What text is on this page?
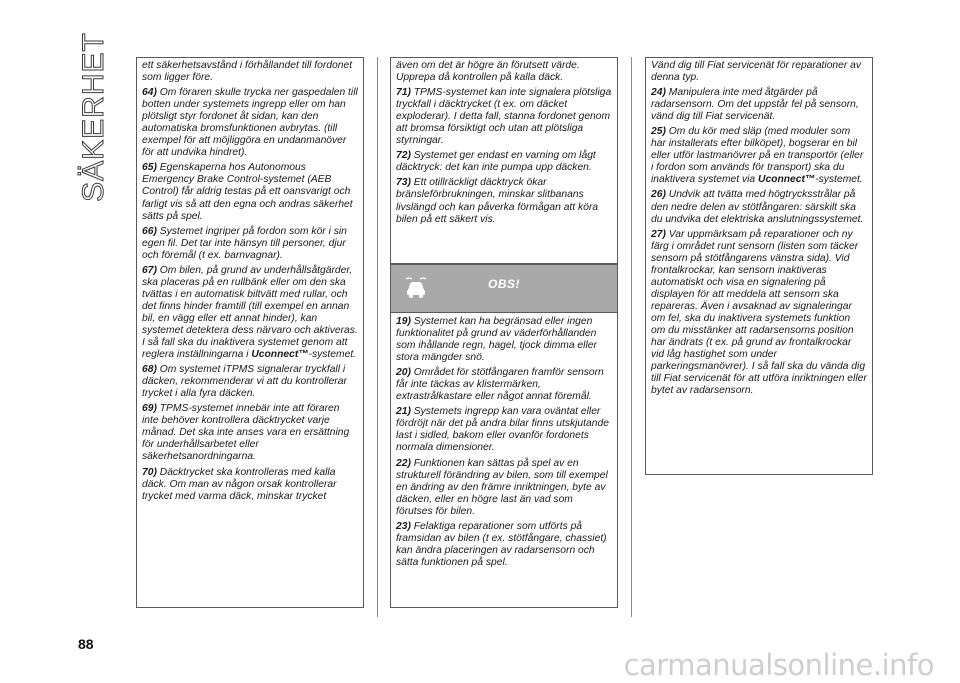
SÄKERHET	ett säkerhetsavstånd i förhållandet till fordonet som ligger före.

64) Om föraren skulle trycka ner gaspedalen till botten under systemets ingrepp eller om han plötsligt styr fordonet åt sidan, kan den automatiska bromsfunktionen avbrytas. (till exempel för att möjliggöra en undanmanöver för att undvika hindret).

65) Egenskaperna hos Autonomous Emergency Brake Control-systemet (AEB Control) får aldrig testas på ett oansvarigt och farligt vis så att den egna och andras säkerhet sätts på spel.

66) Systemet ingriper på fordon som kör i sin egen fil. Det tar inte hänsyn till personer, djur och föremål (t ex. barnvagnar).

67) Om bilen, på grund av underhållsåtgärder, ska placeras på en rullbänk eller om den ska tvättas i en automatisk biltvätt med rullar, och det finns hinder framtill (till exempel en annan bil, en vägg eller ett annat hinder), kan systemet detektera dess närvaro och aktiveras. I så fall ska du inaktivera systemet genom att reglera inställningarna i Uconnect™-systemet.

68) Om systemet iTPMS signalerar tryckfall i däcken, rekommenderar vi att du kontrollerar trycket i alla fyra däcken.

69) TPMS-systemet innebär inte att föraren inte behöver kontrollera däcktrycket varje månad. Det ska inte anses vara en ersättning för underhållsarbetet eller säkerhetsanordningarna.

70) Däcktrycket ska kontrolleras med kalla däck. Om man av någon orsak kontrollerar trycket med varma däck, minskar trycket

även om det är högre än förutsett värde. Upprepa då kontrollen på kalla däck.

71) TPMS-systemet kan inte signalera plötsliga tryckfall i däcktrycket (t ex. om däcket exploderar). I detta fall, stanna fordonet genom att bromsa försiktigt och utan att plötsliga styrningar.

72) Systemet ger endast en varning om lågt däcktryck: det kan inte pumpa upp däcken.

73) Ett otillräckligt däcktryck ökar bränsleförbrukningen, minskar slitbanans livslängd och kan påverka förmågan att köra bilen på ett säkert vis.

OBS!

19) Systemet kan ha begränsad eller ingen funktionalitet på grund av väderförhållanden som ihållande regn, hagel, tjock dimma eller stora mängder snö.

20) Området för stötfångaren framför sensorn får inte täckas av klistermärken, extrastrålkastare eller något annat föremål.

21) Systemets ingrepp kan vara oväntat eller fördröjt när det på andra bilar finns utskjutande last i sidled, bakom eller ovanför fordonets normala dimensioner.

22) Funktionen kan sättas på spel av en strukturell förändring av bilen, som till exempel en ändring av den främre inriktningen, byte av däcken, eller en högre last än vad som förutses för bilen.

23) Felaktiga reparationer som utförts på framsidan av bilen (t ex. stötfångare, chassiet) kan ändra placeringen av radarsensorn och sätta funktionen på spel.

Vänd dig till Fiat servicenät för reparationer av denna typ.

24) Manipulera inte med åtgärder på radarsensorn. Om det uppstår fel på sensorn, vänd dig till Fiat servicenät.

25) Om du kör med släp (med moduler som har installerats efter bilköpet), bogserar en bil eller utför lastmanövrer på en transportör (eller i fordon som används för transport) ska du inaktivera systemet via Uconnect™-systemet.

26) Undvik att tvätta med högtrycksstrålar på den nedre delen av stötfångaren: särskilt ska du undvika det elektriska anslutningssystemet.

27) Var uppmärksam på reparationer och ny färg i området runt sensorn (listen som täcker sensorn på stötfångarens vänstra sida). Vid frontalkrockar, kan sensorn inaktiveras automatiskt och visa en signalering på displayen för att meddela att sensorn ska repareras. Även i avsaknad av signaleringar om fel, ska du inaktivera systemets funktion om du misstänker att radarsensorns position har ändrats (t ex. på grund av frontalkrockar vid låg hastighet som under parkeringsmanövrer). I så fall ska du vända dig till Fiat servicenät för att utföra inriktningen eller bytet av radarsensorn.

88
carmanualsonline.info
